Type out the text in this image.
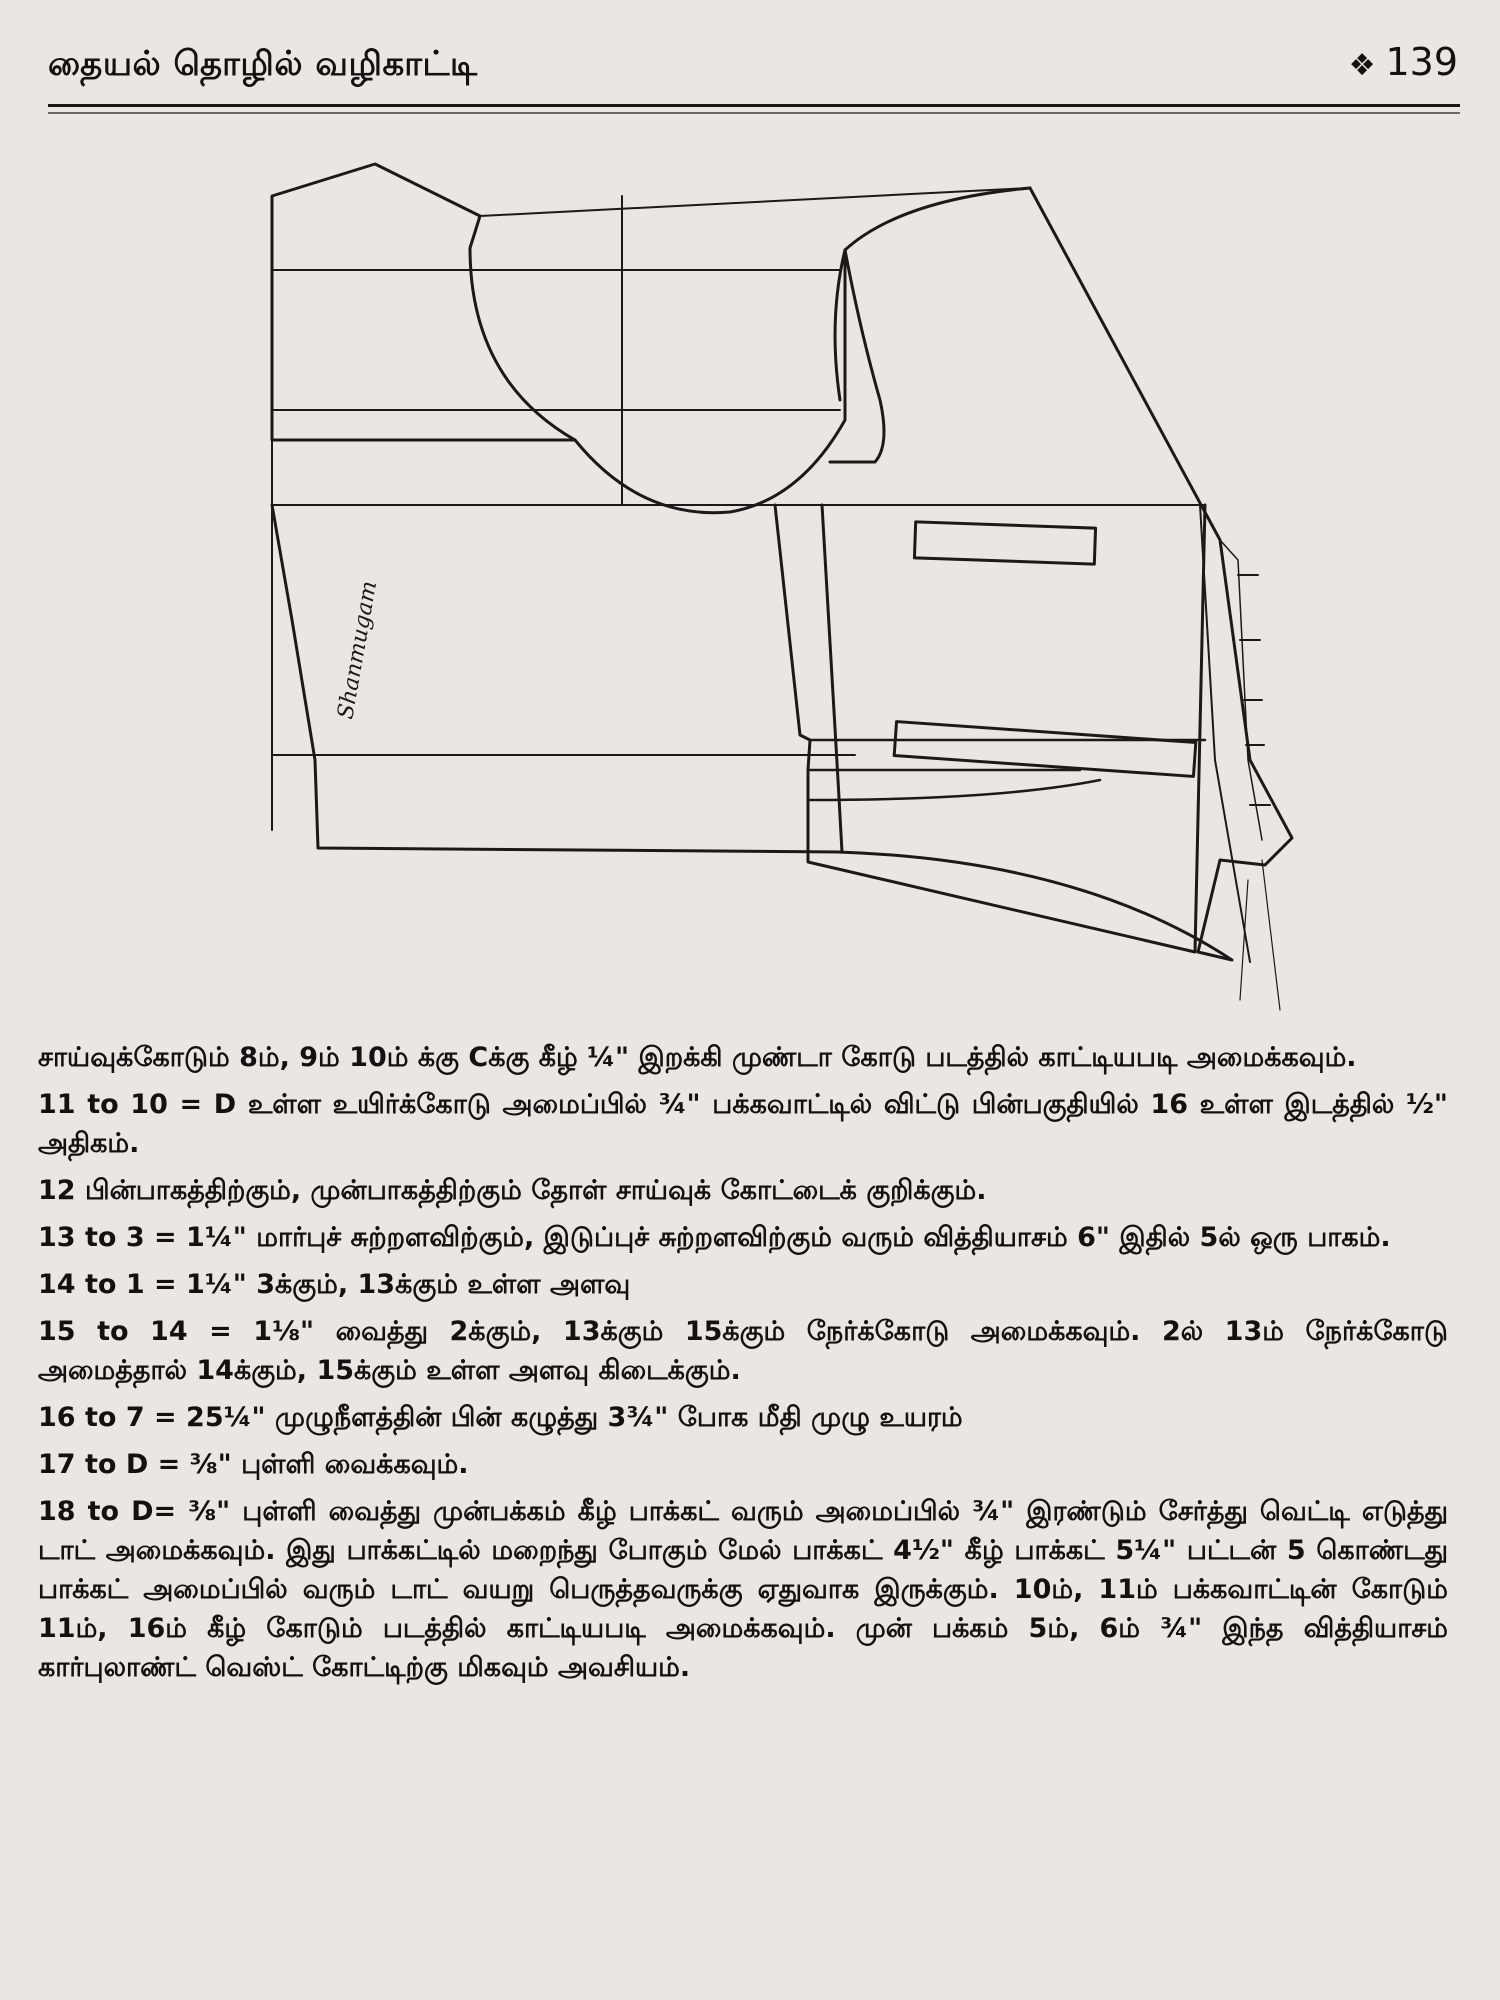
தையல் தொழில் வழிகாட்டி	❖ 139
Shanmugam

சாய்வுக்கோடும் 8ம், 9ம் 10ம் க்கு Cக்கு கீழ் ¼" இறக்கி முண்டா கோடு படத்தில் காட்டியபடி அமைக்கவும்.

11 to 10 = D உள்ள உயிர்க்கோடு அமைப்பில் ¾" பக்கவாட்டில் விட்டு பின்பகுதியில் 16 உள்ள இடத்தில் ½" அதிகம்.

12 பின்பாகத்திற்கும், முன்பாகத்திற்கும் தோள் சாய்வுக் கோட்டைக் குறிக்கும்.

13 to 3 = 1¼" மார்புச் சுற்றளவிற்கும், இடுப்புச் சுற்றளவிற்கும் வரும் வித்தியாசம் 6" இதில் 5ல் ஒரு பாகம்.

14 to 1 = 1¼" 3க்கும், 13க்கும் உள்ள அளவு

15 to 14 = 1⅛" வைத்து 2க்கும், 13க்கும் 15க்கும் நேர்க்கோடு அமைக்கவும். 2ல் 13ம் நேர்க்கோடு அமைத்தால் 14க்கும், 15க்கும் உள்ள அளவு கிடைக்கும்.

16 to 7 = 25¼" முழுநீளத்தின் பின் கழுத்து 3¾" போக மீதி முழு உயரம்

17 to D = ⅜" புள்ளி வைக்கவும்.

18 to D= ⅜" புள்ளி வைத்து முன்பக்கம் கீழ் பாக்கட் வரும் அமைப்பில் ¾" இரண்டும் சேர்த்து வெட்டி எடுத்து டாட் அமைக்கவும். இது பாக்கட்டில் மறைந்து போகும் மேல் பாக்கட் 4½" கீழ் பாக்கட் 5¼" பட்டன் 5 கொண்டது பாக்கட் அமைப்பில் வரும் டாட் வயறு பெருத்தவருக்கு ஏதுவாக இருக்கும். 10ம், 11ம் பக்கவாட்டின் கோடும் 11ம், 16ம் கீழ் கோடும் படத்தில் காட்டியபடி அமைக்கவும். முன் பக்கம் 5ம், 6ம் ¾" இந்த வித்தியாசம் கார்புலாண்ட் வெஸ்ட் கோட்டிற்கு மிகவும் அவசியம்.
